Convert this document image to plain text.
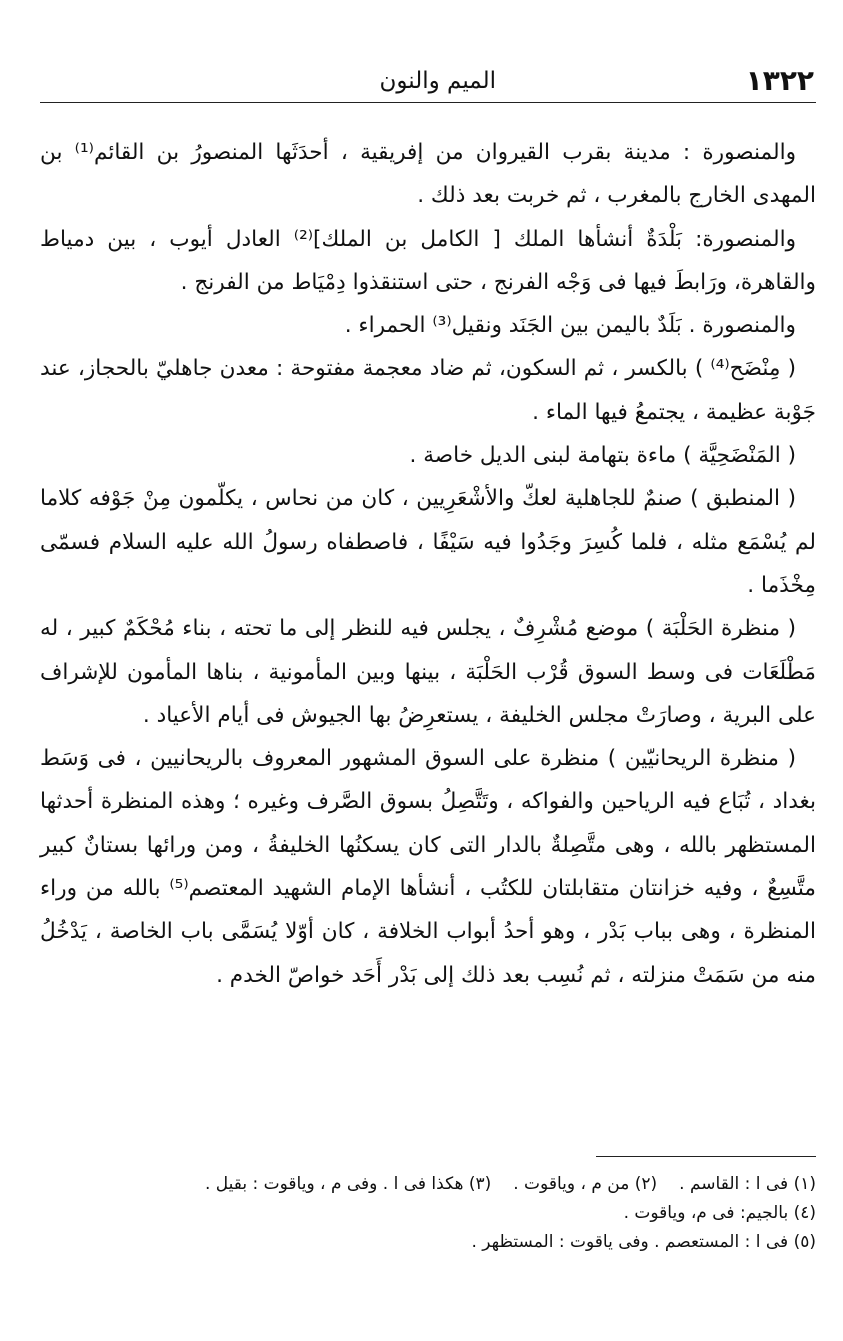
١٣٢٢
الميم والنون

والمنصورة : مدينة بقرب القيروان من إفريقية ، أحدَثَها المنصورُ بن القائم⁽¹⁾ بن المهدى الخارج بالمغرب ، ثم خربت بعد ذلك .

والمنصورة: بَلْدَةٌ أنشأها الملك [ الكامل بن الملك]⁽²⁾ العادل أيوب ، بين دمياط والقاهرة، ورَابطَ فيها فى وَجْه الفرنج ، حتى استنقذوا دِمْيَاط من الفرنج .

والمنصورة . بَلَدٌ باليمن بين الجَنَد ونقيل⁽³⁾ الحمراء .

( مِنْضَح⁽⁴⁾ ) بالكسر ، ثم السكون، ثم ضاد معجمة مفتوحة : معدن جاهليّ بالحجاز، عند جَوْبة عظيمة ، يجتمعُ فيها الماء .

( المَنْضَحِيَّة ) ماءة بتهامة لبنى الديل خاصة .

( المنطبق ) صنمٌ للجاهلية لعكّ والأشْعَرِيين ، كان من نحاس ، يكلّمون مِنْ جَوْفه كلاما لم يُسْمَع مثله ، فلما كُسِرَ وجَدُوا فيه سَيْفًا ، فاصطفاه رسولُ الله عليه السلام فسمّى مِخْذَما .

( منظرة الحَلْبَة ) موضع مُشْرِفٌ ، يجلس فيه للنظر إلى ما تحته ، بناء مُحْكَمٌ كبير ، له مَطْلَعَات فى وسط السوق قُرْب الحَلْبَة ، بينها وبين المأمونية ، بناها المأمون للإشراف على البرية ، وصارَتْ مجلس الخليفة ، يستعرِضُ بها الجيوش فى أيام الأعياد .

( منظرة الريحانيّين ) منظرة على السوق المشهور المعروف بالريحانيين ، فى وَسَط بغداد ، تُبَاع فيه الرياحين والفواكه ، وتَتَّصِلُ بسوق الصَّرف وغيره ؛ وهذه المنظرة أحدثها المستظهر بالله ، وهى متَّصِلةٌ بالدار التى كان يسكنُها الخليفةُ ، ومن ورائها بستانٌ كبير متَّسِعٌ ، وفيه خزانتان متقابلتان للكتُب ، أنشأها الإمام الشهيد المعتصم⁽⁵⁾ بالله من وراء المنظرة ، وهى بباب بَدْر ، وهو أحدُ أبواب الخلافة ، كان أوّلا يُسَمَّى باب الخاصة ، يَدْخُلُ منه من سَمَتْ منزلته ، ثم نُسِب بعد ذلك إلى بَدْر أَحَد خواصّ الخدم .

(١) فى ا : القاسم .
(٢) من م ، وياقوت .
(٣) هكذا فى ا . وفى م ، وياقوت : بقيل .
(٤) بالجيم: فى م، وياقوت .
(٥) فى ا : المستعصم . وفى ياقوت : المستظهر .
